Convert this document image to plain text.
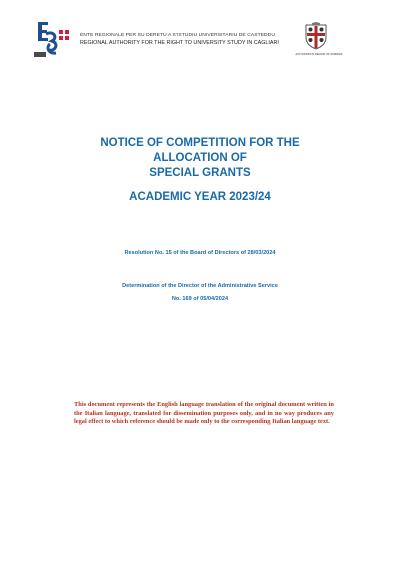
ENTE REGIONALE PER SU DERETU A S'ISTUDIU UNIVERSITARIU DE CASTEDDU
REGIONAL AUTHORITY FOR THE RIGHT TO UNIVERSITY STUDY IN CAGLIARI
AUTONOMOUS REGION OF SARDINIA
NOTICE OF COMPETITION FOR THE
ALLOCATION OF
SPECIAL GRANTS
ACADEMIC YEAR 2023/24
Resolution No. 15 of the Board of Directors of 28/03/2024
Determination of the Director of the Administrative Service
No. 169 of 05/04/2024
This document represents the English language translation of the original document written in the Italian language, translated for dissemination purposes only, and in no way produces any legal effect to which reference should be made only to the corresponding Italian language text.
